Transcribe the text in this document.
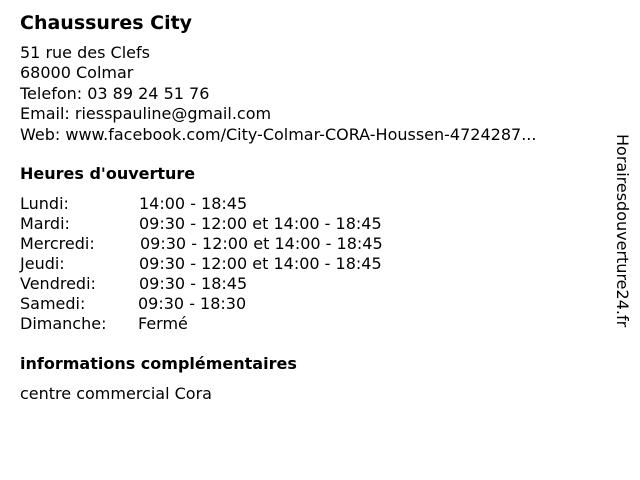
Chaussures City
51 rue des Clefs
68000 Colmar
Telefon: 03 89 24 51 76
Email: riesspauline@gmail.com
Web: www.facebook.com/City-Colmar-CORA-Houssen-4724287...
Heures d'ouverture
Lundi:	14:00 - 18:45
Mardi:	09:30 - 12:00 et 14:00 - 18:45
Mercredi:	09:30 - 12:00 et 14:00 - 18:45
Jeudi:	09:30 - 12:00 et 14:00 - 18:45
Vendredi:	09:30 - 18:45
Samedi:	09:30 - 18:30
Dimanche: Fermé
informations complémentaires
centre commercial Cora
Horairesdouverture24.fr
